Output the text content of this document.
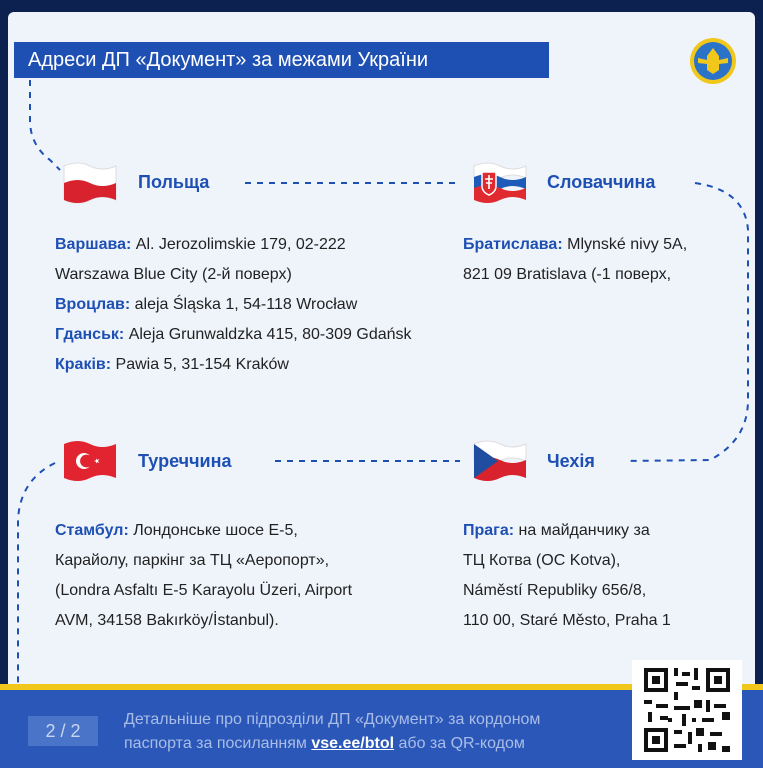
Адреси ДП «Документ» за межами України
Польща	Словаччина
Варшава: Al. Jerozolimskie 179, 02-222
Warszawa Blue City (2-й поверх)
Вроцлав: aleja Śląska 1, 54-118 Wrocław
Гданськ: Aleja Grunwaldzka 415, 80-309 Gdańsk
Краків: Pawia 5, 31-154 Kraków
Братислава: Mlynské nivy 5A,
821 09 Bratislava (-1 поверх,
Туреччина	Чехія
Стамбул: Лондонське шосе E-5,
Карайолу, паркінг за ТЦ «Аеропорт»,
(Londra Asfaltı E-5 Karayolu Üzeri, Airport
AVM, 34158 Bakırköy/İstanbul).
Прага: на майданчику за
ТЦ Котва (OC Kotva),
Náměstí Republiky 656/8,
110 00, Staré Město, Praha 1
2 / 2
Детальніше про підрозділи ДП «Документ» за кордоном
паспорта за посиланням vse.ee/btol або за QR-кодом
